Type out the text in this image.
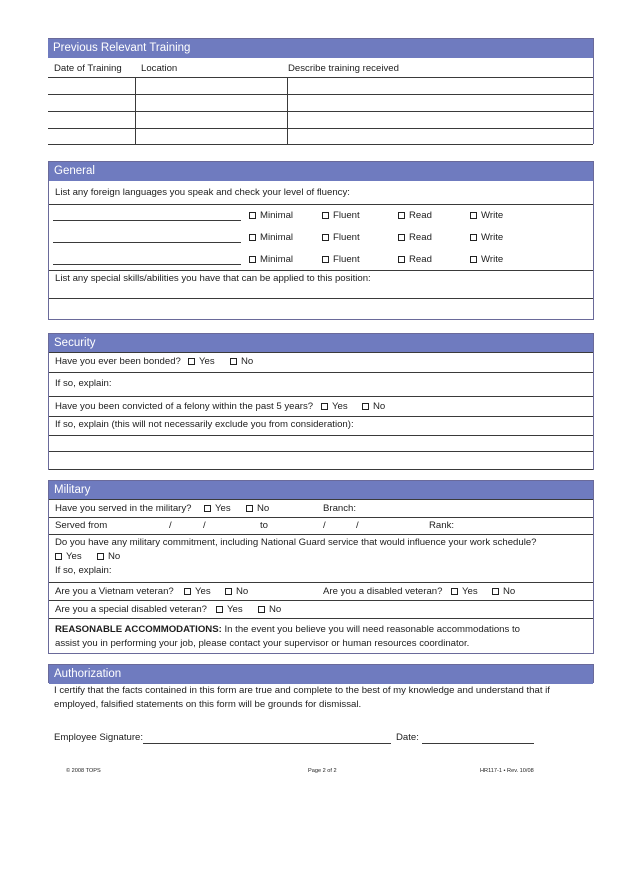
Previous Relevant Training
Date of Training Location	Describe training received
General
List any foreign languages you speak and check your level of fluency:
Minimal	Fluent	Read	Write
Minimal	Fluent	Read	Write
Minimal	Fluent	Read	Write
List any special skills/abilities you have that can be applied to this position:
Security
Have you ever been bonded?	Yes	No
If so, explain:
Have you been convicted of a felony within the past 5 years?	Yes	No
If so, explain (this will not necessarily exclude you from consideration):
Military
Have you served in the military?	Yes	No	Branch:
Served from	/	/	to	/	/	Rank:
Do you have any military commitment, including National Guard service that would influence your work schedule?
Yes	No
If so, explain:
Are you a Vietnam veteran?	Yes	No	Are you a disabled veteran?	Yes	No
Are you a special disabled veteran?	Yes	No
REASONABLE ACCOMMODATIONS: In the event you believe you will need reasonable accommodations to
assist you in performing your job, please contact your supervisor or human resources coordinator.
Authorization
I certify that the facts contained in this form are true and complete to the best of my knowledge and understand that if
employed, falsified statements on this form will be grounds for dismissal.
Employee Signature:	Date:
© 2008 TOPS	Page 2 of 2	HR117-1 • Rev. 10/08
